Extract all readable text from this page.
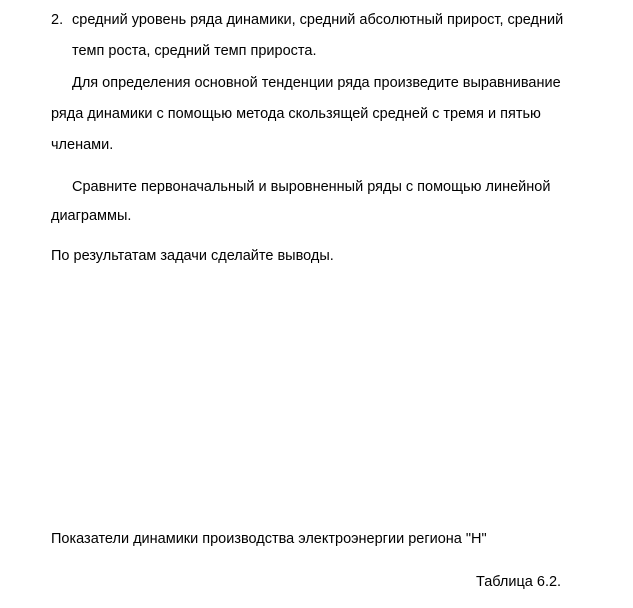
2. средний уровень ряда динамики, средний абсолютный прирост, средний
темп роста, средний темп прироста.
Для определения основной тенденции ряда произведите выравнивание
ряда динамики с помощью метода скользящей средней с тремя и пятью
членами.
Сравните первоначальный и выровненный ряды с помощью линейной
диаграммы.
По результатам задачи сделайте выводы.
Показатели динамики производства электроэнергии региона "Н"
Таблица 6.2.
